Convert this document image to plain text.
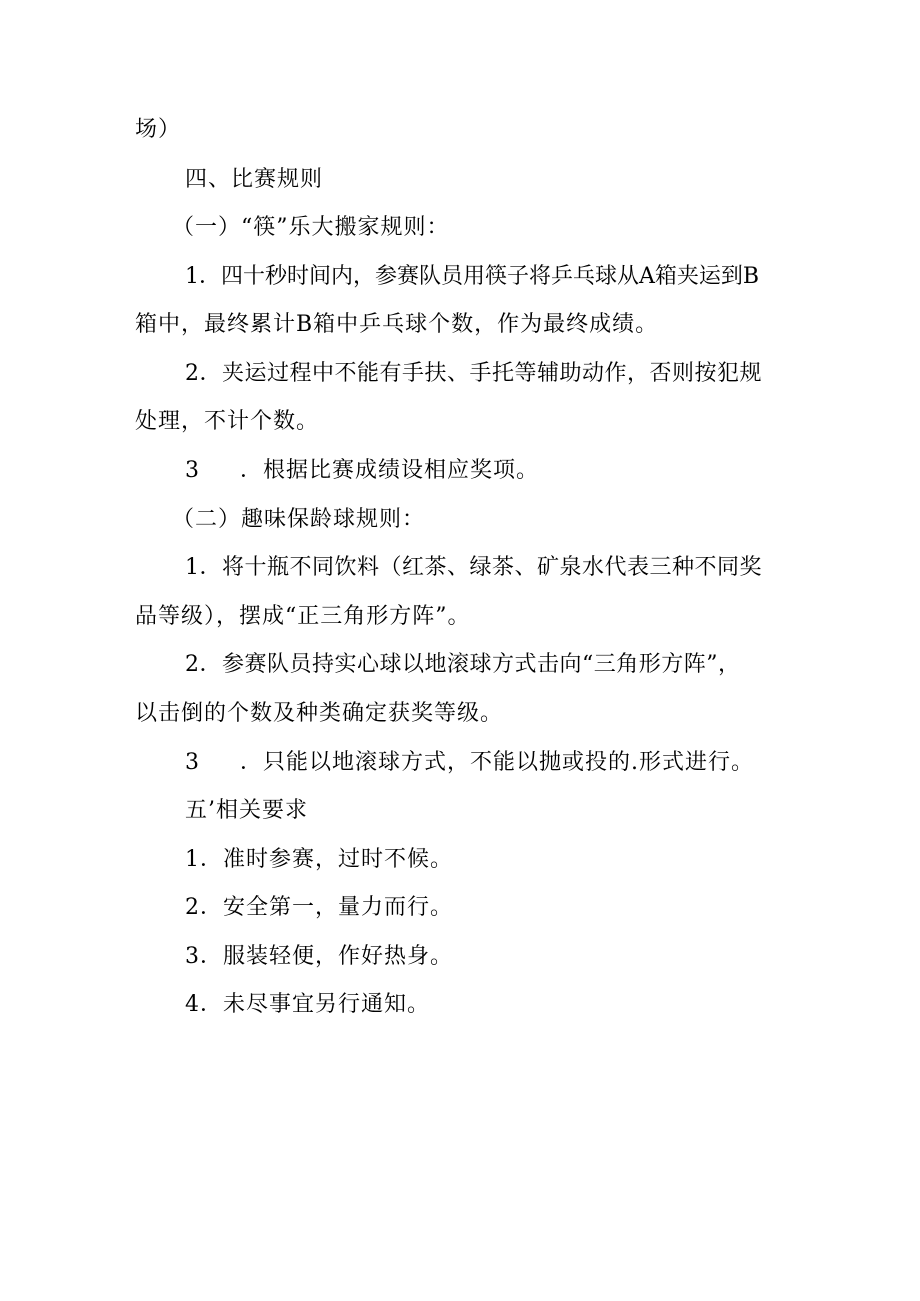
场）
四、比赛规则
（一）“筷”乐大搬家规则：
1．四十秒时间内，参赛队员用筷子将乒乓球从A箱夹运到B
箱中，最终累计B箱中乒乓球个数，作为最终成绩。
2．夹运过程中不能有手扶、手托等辅助动作，否则按犯规
处理，不计个数。
3 ．根据比赛成绩设相应奖项。
（二）趣味保龄球规则：
1．将十瓶不同饮料（红茶、绿茶、矿泉水代表三种不同奖
品等级），摆成“正三角形方阵”。
2．参赛队员持实心球以地滚球方式击向“三角形方阵”，
以击倒的个数及种类确定获奖等级。
3 ．只能以地滚球方式，不能以抛或投的.形式进行。
五’相关要求
1．准时参赛，过时不候。
2．安全第一，量力而行。
3．服装轻便，作好热身。
4．未尽事宜另行通知。
